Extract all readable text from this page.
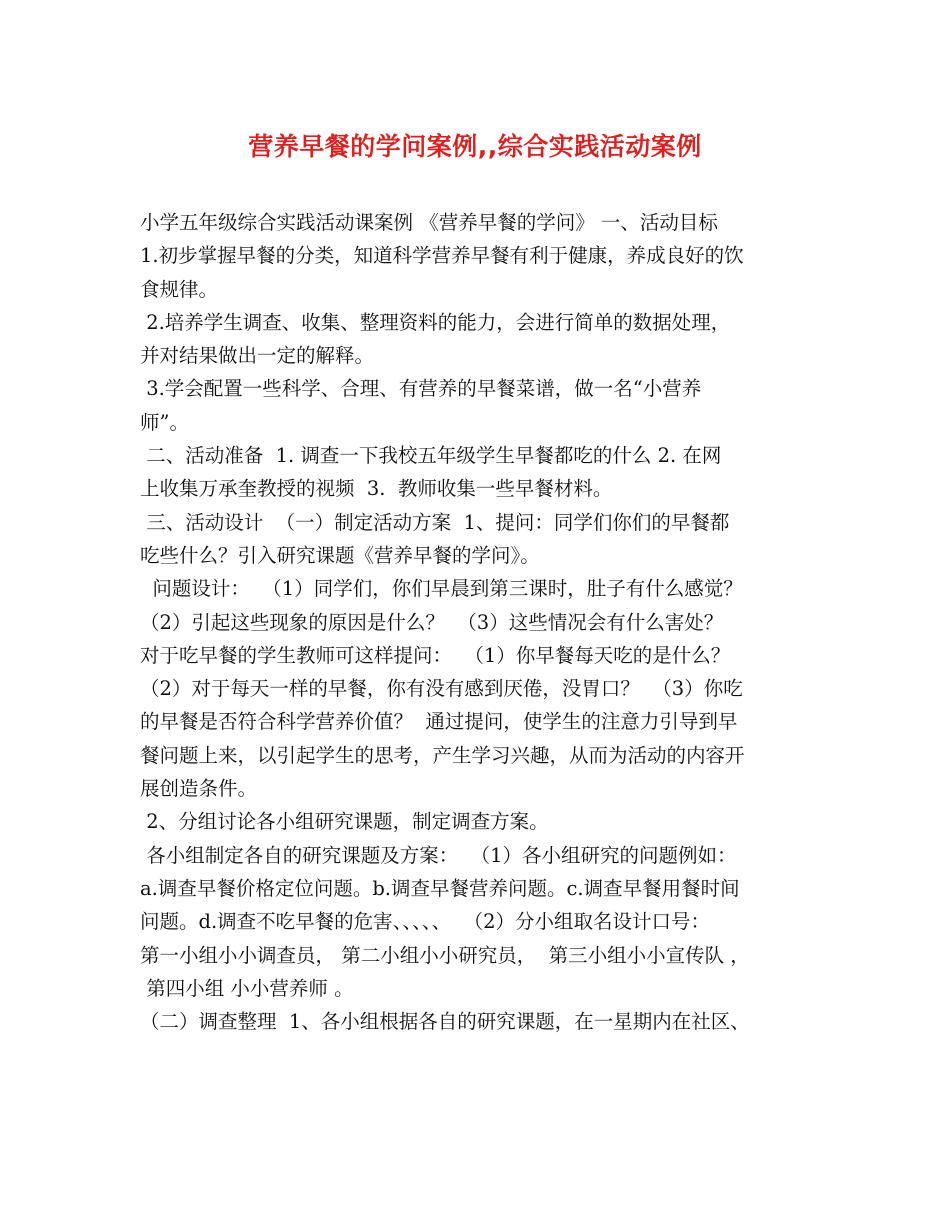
营养早餐的学问案例,,综合实践活动案例
小学五年级综合实践活动课案例 《营养早餐的学问》 一、活动目标
1.初步掌握早餐的分类，知道科学营养早餐有利于健康，养成良好的饮
食规律。
2.培养学生调查、收集、整理资料的能力，会进行简单的数据处理，
并对结果做出一定的解释。
3.学会配置一些科学、合理、有营养的早餐菜谱，做一名“小营养
师”。
二、活动准备  1. 调查一下我校五年级学生早餐都吃的什么 2. 在网
上收集万承奎教授的视频  3.  教师收集一些早餐材料。
三、活动设计  （一）制定活动方案  1、提问：同学们你们的早餐都
吃些什么？引入研究课题《营养早餐的学问》。
问题设计：  （1）同学们，你们早晨到第三课时，肚子有什么感觉？
（2）引起这些现象的原因是什么？  （3）这些情况会有什么害处？
对于吃早餐的学生教师可这样提问：  （1）你早餐每天吃的是什么？
（2）对于每天一样的早餐，你有没有感到厌倦，没胃口？  （3）你吃
的早餐是否符合科学营养价值？  通过提问，使学生的注意力引导到早
餐问题上来，以引起学生的思考，产生学习兴趣，从而为活动的内容开
展创造条件。
2、分组讨论各小组研究课题，制定调查方案。
各小组制定各自的研究课题及方案：  （1）各小组研究的问题例如：
a.调查早餐价格定位问题。b.调查早餐营养问题。c.调查早餐用餐时间
问题。d.调查不吃早餐的危害、、、、、  （2）分小组取名设计口号：
第一小组小小调查员， 第二小组小小研究员，  第三小组小小宣传队 ，
第四小组 小小营养师 。
（二）调查整理  1、各小组根据各自的研究课题，在一星期内在社区、
